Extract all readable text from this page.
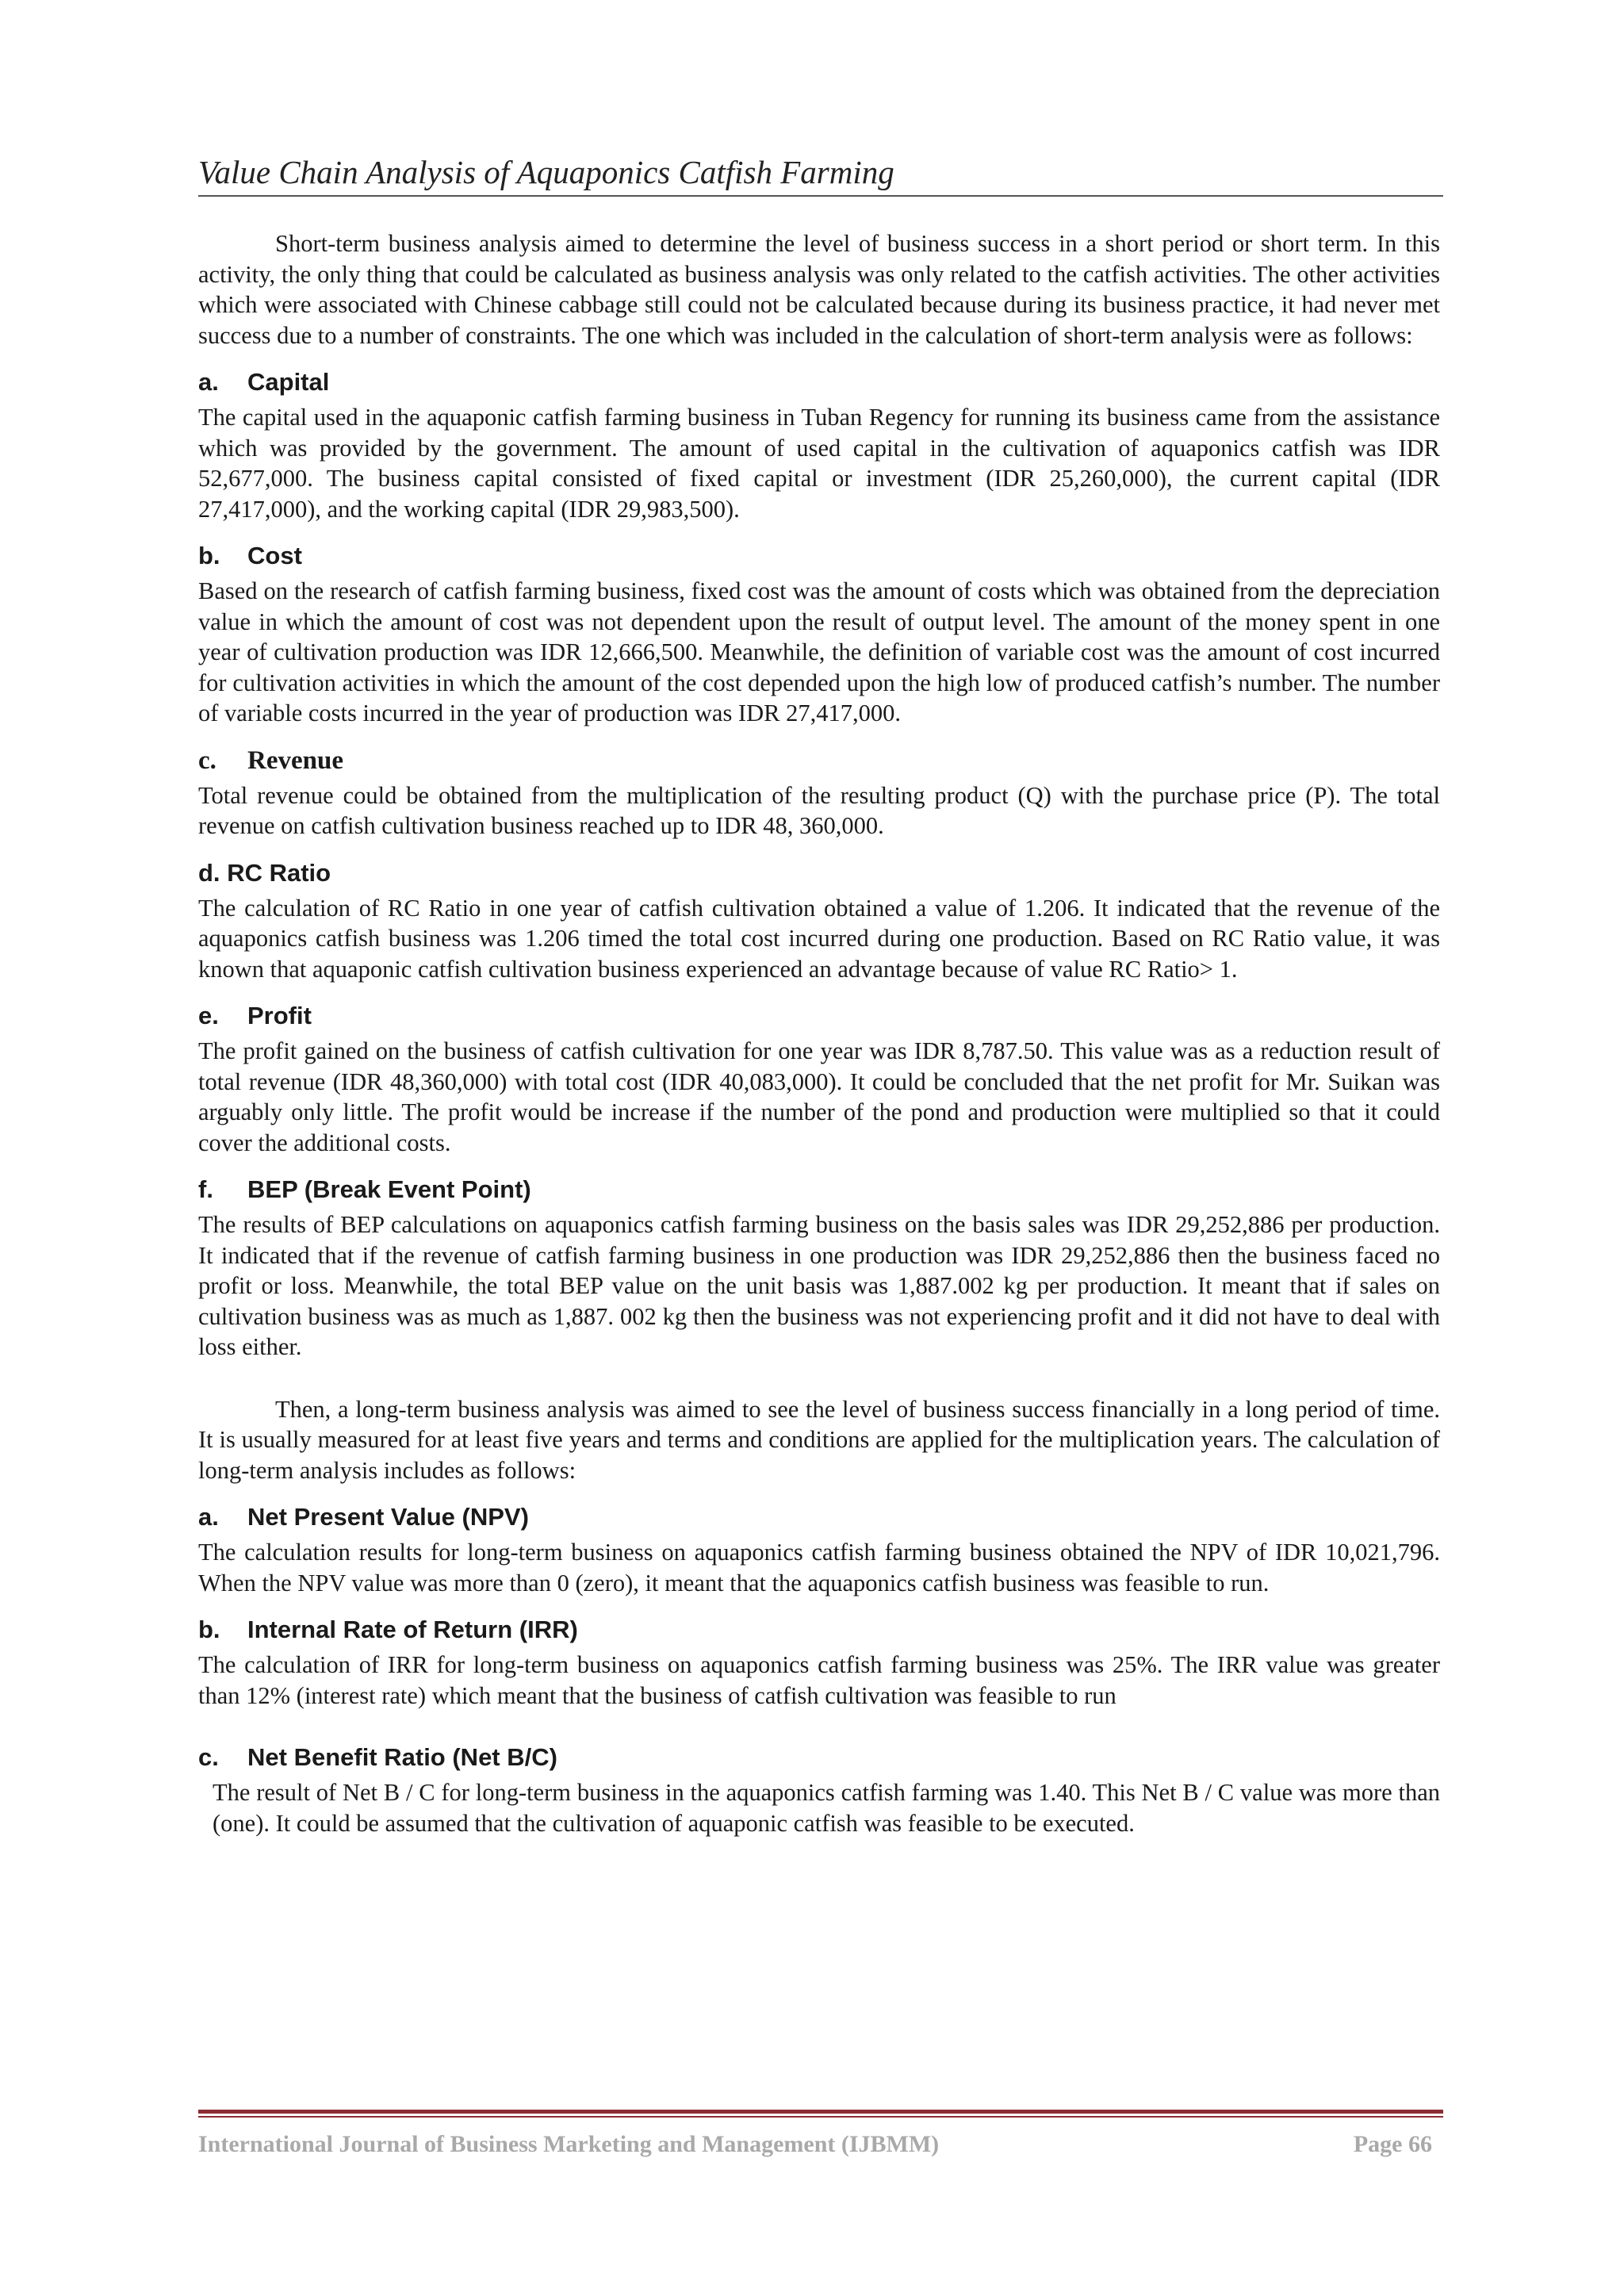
Value Chain Analysis of Aquaponics Catfish Farming

Short-term business analysis aimed to determine the level of business success in a short period or short term. In this activity, the only thing that could be calculated as business analysis was only related to the catfish activities. The other activities which were associated with Chinese cabbage still could not be calculated because during its business practice, it had never met success due to a number of constraints. The one which was included in the calculation of short-term analysis were as follows:

a. Capital

The capital used in the aquaponic catfish farming business in Tuban Regency for running its business came from the assistance which was provided by the government. The amount of used capital in the cultivation of aquaponics catfish was IDR 52,677,000. The business capital consisted of fixed capital or investment (IDR 25,260,000), the current capital (IDR 27,417,000), and the working capital (IDR 29,983,500).

b. Cost

Based on the research of catfish farming business, fixed cost was the amount of costs which was obtained from the depreciation value in which the amount of cost was not dependent upon the result of output level. The amount of the money spent in one year of cultivation production was IDR 12,666,500. Meanwhile, the definition of variable cost was the amount of cost incurred for cultivation activities in which the amount of the cost depended upon the high low of produced catfish’s number. The number of variable costs incurred in the year of production was IDR 27,417,000.

c. Revenue

Total revenue could be obtained from the multiplication of the resulting product (Q) with the purchase price (P). The total revenue on catfish cultivation business reached up to IDR 48, 360,000.

d. RC Ratio

The calculation of RC Ratio in one year of catfish cultivation obtained a value of 1.206. It indicated that the revenue of the aquaponics catfish business was 1.206 timed the total cost incurred during one production. Based on RC Ratio value, it was known that aquaponic catfish cultivation business experienced an advantage because of value RC Ratio> 1.

e. Profit

The profit gained on the business of catfish cultivation for one year was IDR 8,787.50. This value was as a reduction result of total revenue (IDR 48,360,000) with total cost (IDR 40,083,000). It could be concluded that the net profit for Mr. Suikan was arguably only little. The profit would be increase if the number of the pond and production were multiplied so that it could cover the additional costs.

f. BEP (Break Event Point)

The results of BEP calculations on aquaponics catfish farming business on the basis sales was IDR 29,252,886 per production. It indicated that if the revenue of catfish farming business in one production was IDR 29,252,886 then the business faced no profit or loss. Meanwhile, the total BEP value on the unit basis was 1,887.002 kg per production. It meant that if sales on cultivation business was as much as 1,887. 002 kg then the business was not experiencing profit and it did not have to deal with loss either.

Then, a long-term business analysis was aimed to see the level of business success financially in a long period of time. It is usually measured for at least five years and terms and conditions are applied for the multiplication years. The calculation of long-term analysis includes as follows:

a. Net Present Value (NPV)

The calculation results for long-term business on aquaponics catfish farming business obtained the NPV of IDR 10,021,796. When the NPV value was more than 0 (zero), it meant that the aquaponics catfish business was feasible to run.

b. Internal Rate of Return (IRR)

The calculation of IRR for long-term business on aquaponics catfish farming business was 25%. The IRR value was greater than 12% (interest rate) which meant that the business of catfish cultivation was feasible to run

c. Net Benefit Ratio (Net B/C)

The result of Net B / C for long-term business in the aquaponics catfish farming was 1.40. This Net B / C value was more than (one). It could be assumed that the cultivation of aquaponic catfish was feasible to be executed.

International Journal of Business Marketing and Management (IJBMM)	Page 66
